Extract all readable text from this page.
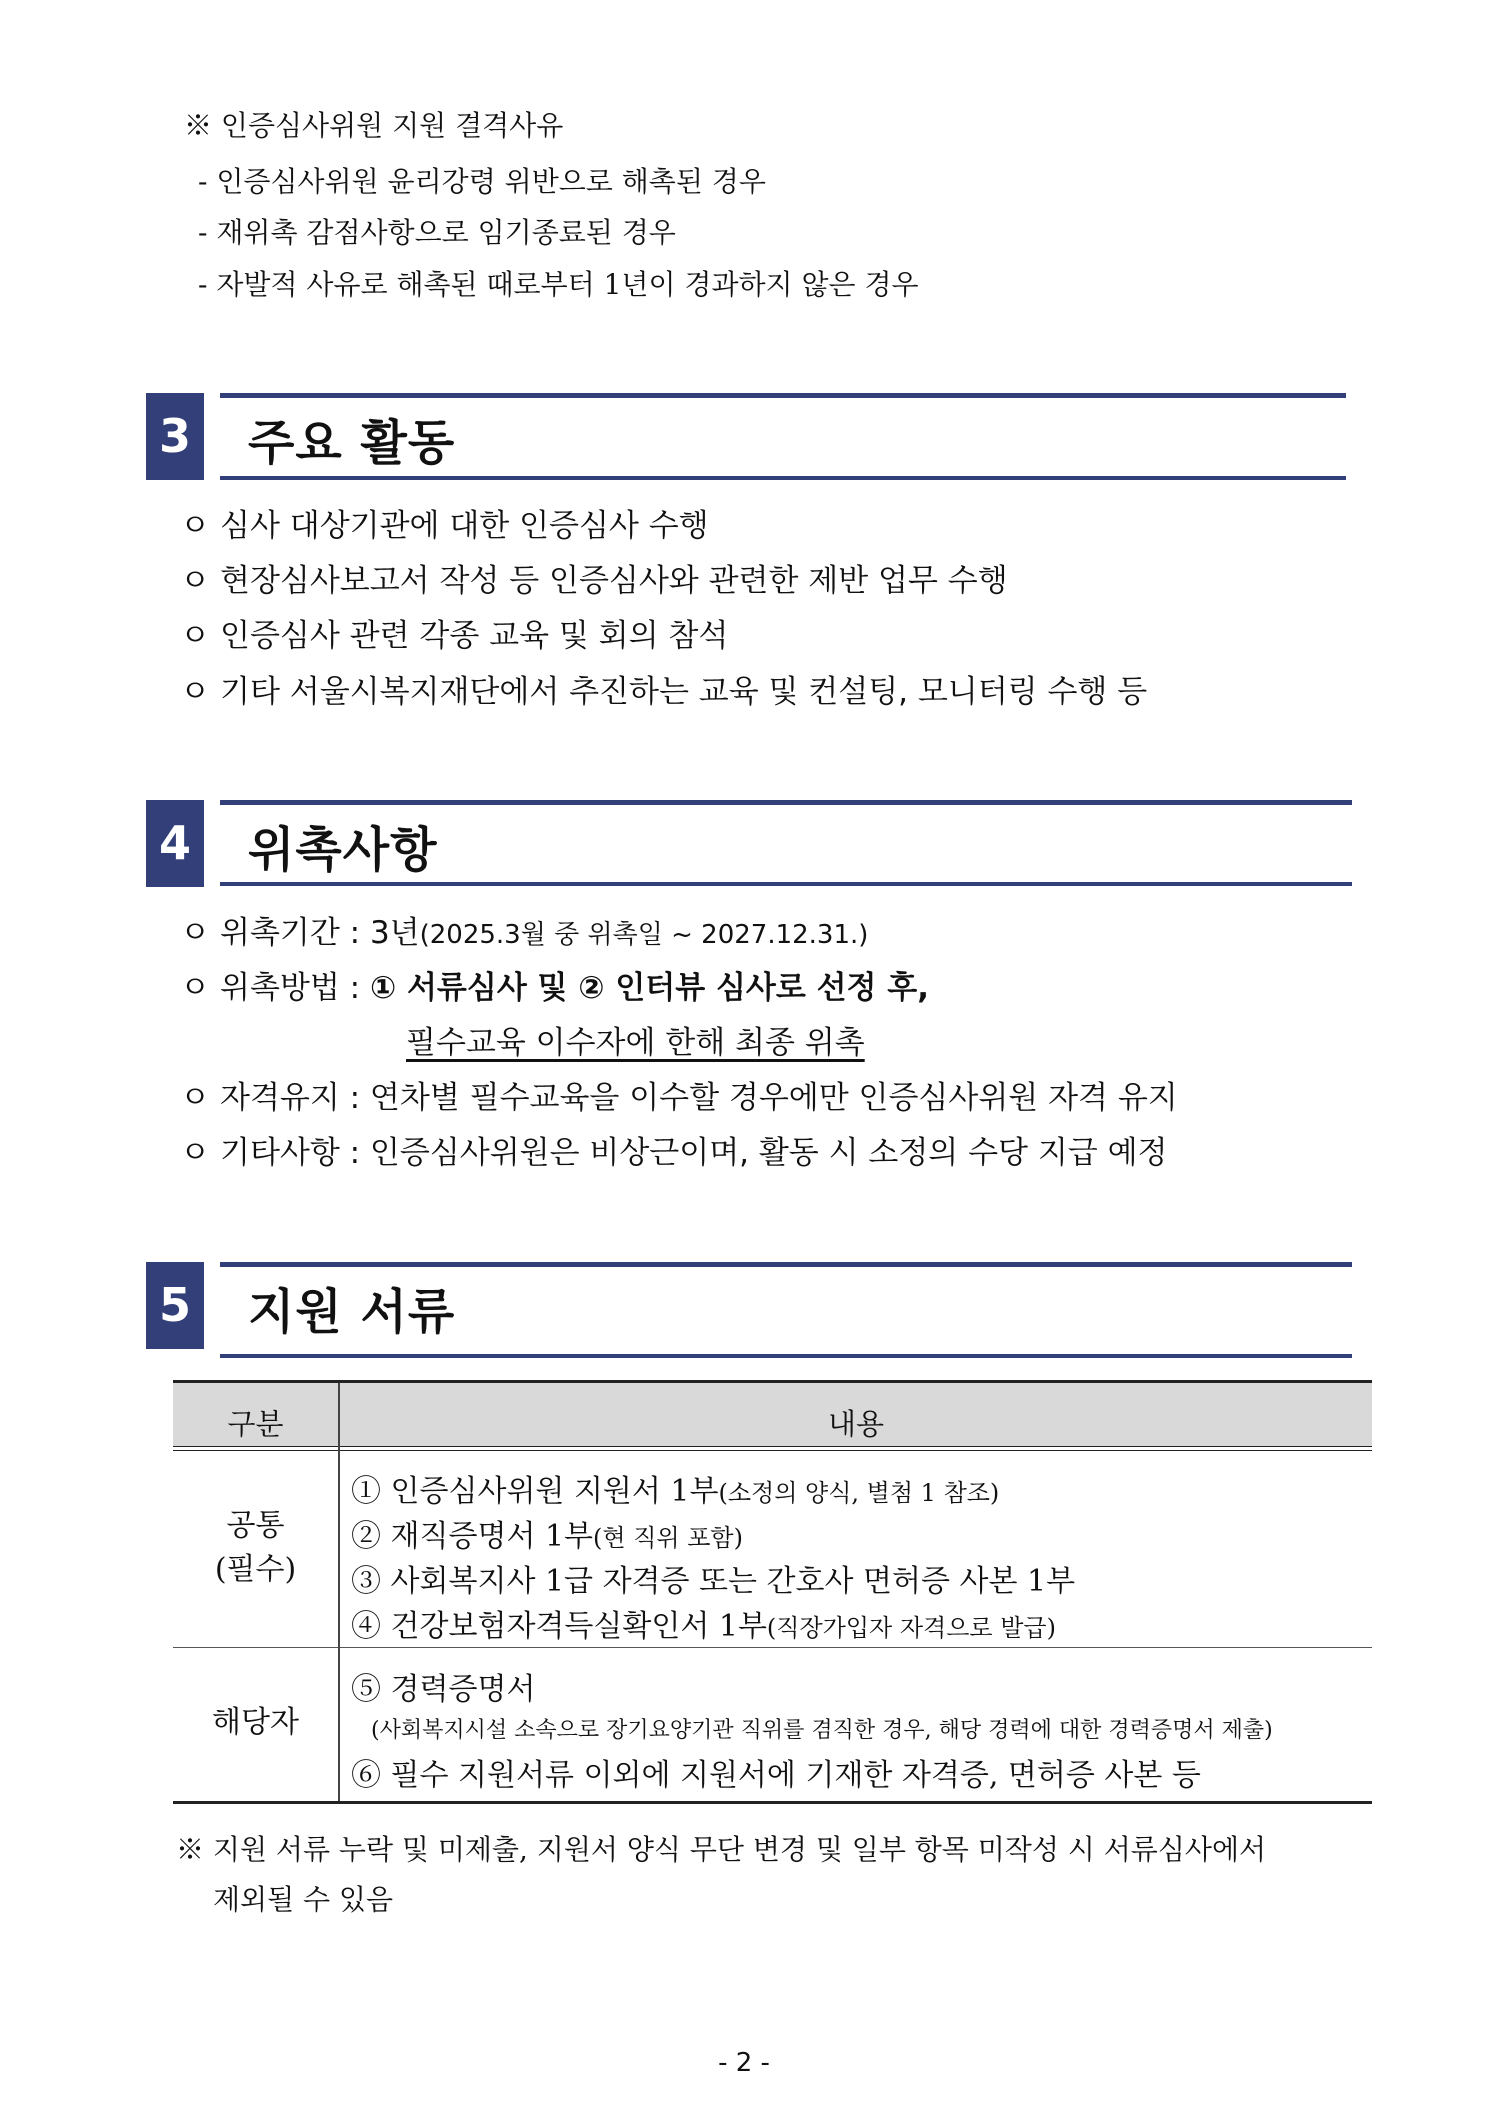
※ 인증심사위원 지원 결격사유
- 인증심사위원 윤리강령 위반으로 해촉된 경우
- 재위촉 감점사항으로 임기종료된 경우
- 자발적 사유로 해촉된 때로부터 1년이 경과하지 않은 경우
3 주요 활동
ㅇ 심사 대상기관에 대한 인증심사 수행
ㅇ 현장심사보고서 작성 등 인증심사와 관련한 제반 업무 수행
ㅇ 인증심사 관련 각종 교육 및 회의 참석
ㅇ 기타 서울시복지재단에서 추진하는 교육 및 컨설팅, 모니터링 수행 등
4 위촉사항
ㅇ 위촉기간 : 3년(2025.3월 중 위촉일 ~ 2027.12.31.)
ㅇ 위촉방법 : ① 서류심사 및 ② 인터뷰 심사로 선정 후,
필수교육 이수자에 한해 최종 위촉
ㅇ 자격유지 : 연차별 필수교육을 이수할 경우에만 인증심사위원 자격 유지
ㅇ 기타사항 : 인증심사위원은 비상근이며, 활동 시 소정의 수당 지급 예정
5 지원 서류
구분	내용
공통
(필수)
① 인증심사위원 지원서 1부(소정의 양식, 별첨 1 참조)
② 재직증명서 1부(현 직위 포함)
③ 사회복지사 1급 자격증 또는 간호사 면허증 사본 1부
④ 건강보험자격득실확인서 1부(직장가입자 자격으로 발급)
해당자
⑤ 경력증명서
(사회복지시설 소속으로 장기요양기관 직위를 겸직한 경우, 해당 경력에 대한 경력증명서 제출)
⑥ 필수 지원서류 이외에 지원서에 기재한 자격증, 면허증 사본 등
※ 지원 서류 누락 및 미제출, 지원서 양식 무단 변경 및 일부 항목 미작성 시 서류심사에서
제외될 수 있음
- 2 -
